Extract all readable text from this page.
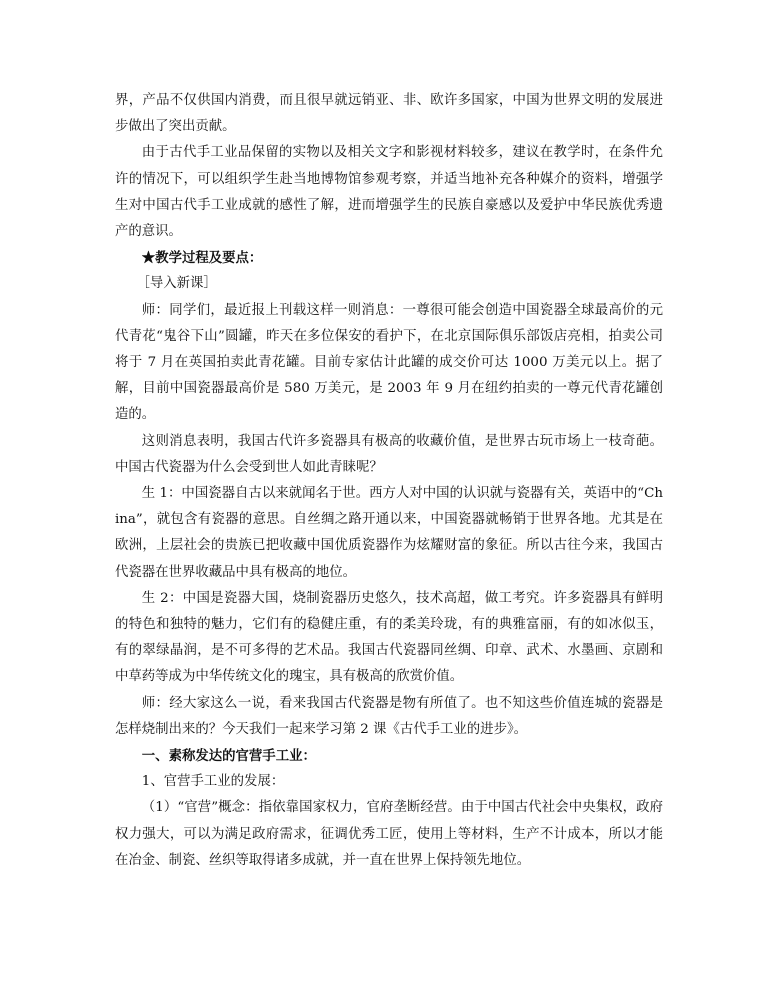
界，产品不仅供国内消费，而且很早就远销亚、非、欧许多国家，中国为世界文明的发展进步做出了突出贡献。

由于古代手工业品保留的实物以及相关文字和影视材料较多，建议在教学时，在条件允许的情况下，可以组织学生赴当地博物馆参观考察，并适当地补充各种媒介的资料，增强学生对中国古代手工业成就的感性了解，进而增强学生的民族自豪感以及爱护中华民族优秀遗产的意识。

★教学过程及要点：

［导入新课］

师：同学们，最近报上刊载这样一则消息：一尊很可能会创造中国瓷器全球最高价的元代青花“鬼谷下山”圆罐，昨天在多位保安的看护下，在北京国际俱乐部饭店亮相，拍卖公司将于 7 月在英国拍卖此青花罐。目前专家估计此罐的成交价可达 1000 万美元以上。据了解，目前中国瓷器最高价是 580 万美元，是 2003 年 9 月在纽约拍卖的一尊元代青花罐创造的。

这则消息表明，我国古代许多瓷器具有极高的收藏价值，是世界古玩市场上一枝奇葩。中国古代瓷器为什么会受到世人如此青睐呢？

生 1：中国瓷器自古以来就闻名于世。西方人对中国的认识就与瓷器有关，英语中的“China”，就包含有瓷器的意思。自丝绸之路开通以来，中国瓷器就畅销于世界各地。尤其是在欧洲，上层社会的贵族已把收藏中国优质瓷器作为炫耀财富的象征。所以古往今来，我国古代瓷器在世界收藏品中具有极高的地位。

生 2：中国是瓷器大国，烧制瓷器历史悠久，技术高超，做工考究。许多瓷器具有鲜明的特色和独特的魅力，它们有的稳健庄重，有的柔美玲珑，有的典雅富丽，有的如冰似玉，有的翠绿晶润，是不可多得的艺术品。我国古代瓷器同丝绸、印章、武术、水墨画、京剧和中草药等成为中华传统文化的瑰宝，具有极高的欣赏价值。

师：经大家这么一说，看来我国古代瓷器是物有所值了。也不知这些价值连城的瓷器是怎样烧制出来的？今天我们一起来学习第 2 课《古代手工业的进步》。

一、素称发达的官营手工业：

1、官营手工业的发展：

（1）“官营”概念：指依靠国家权力，官府垄断经营。由于中国古代社会中央集权，政府权力强大，可以为满足政府需求，征调优秀工匠，使用上等材料，生产不计成本，所以才能在冶金、制瓷、丝织等取得诸多成就，并一直在世界上保持领先地位。
